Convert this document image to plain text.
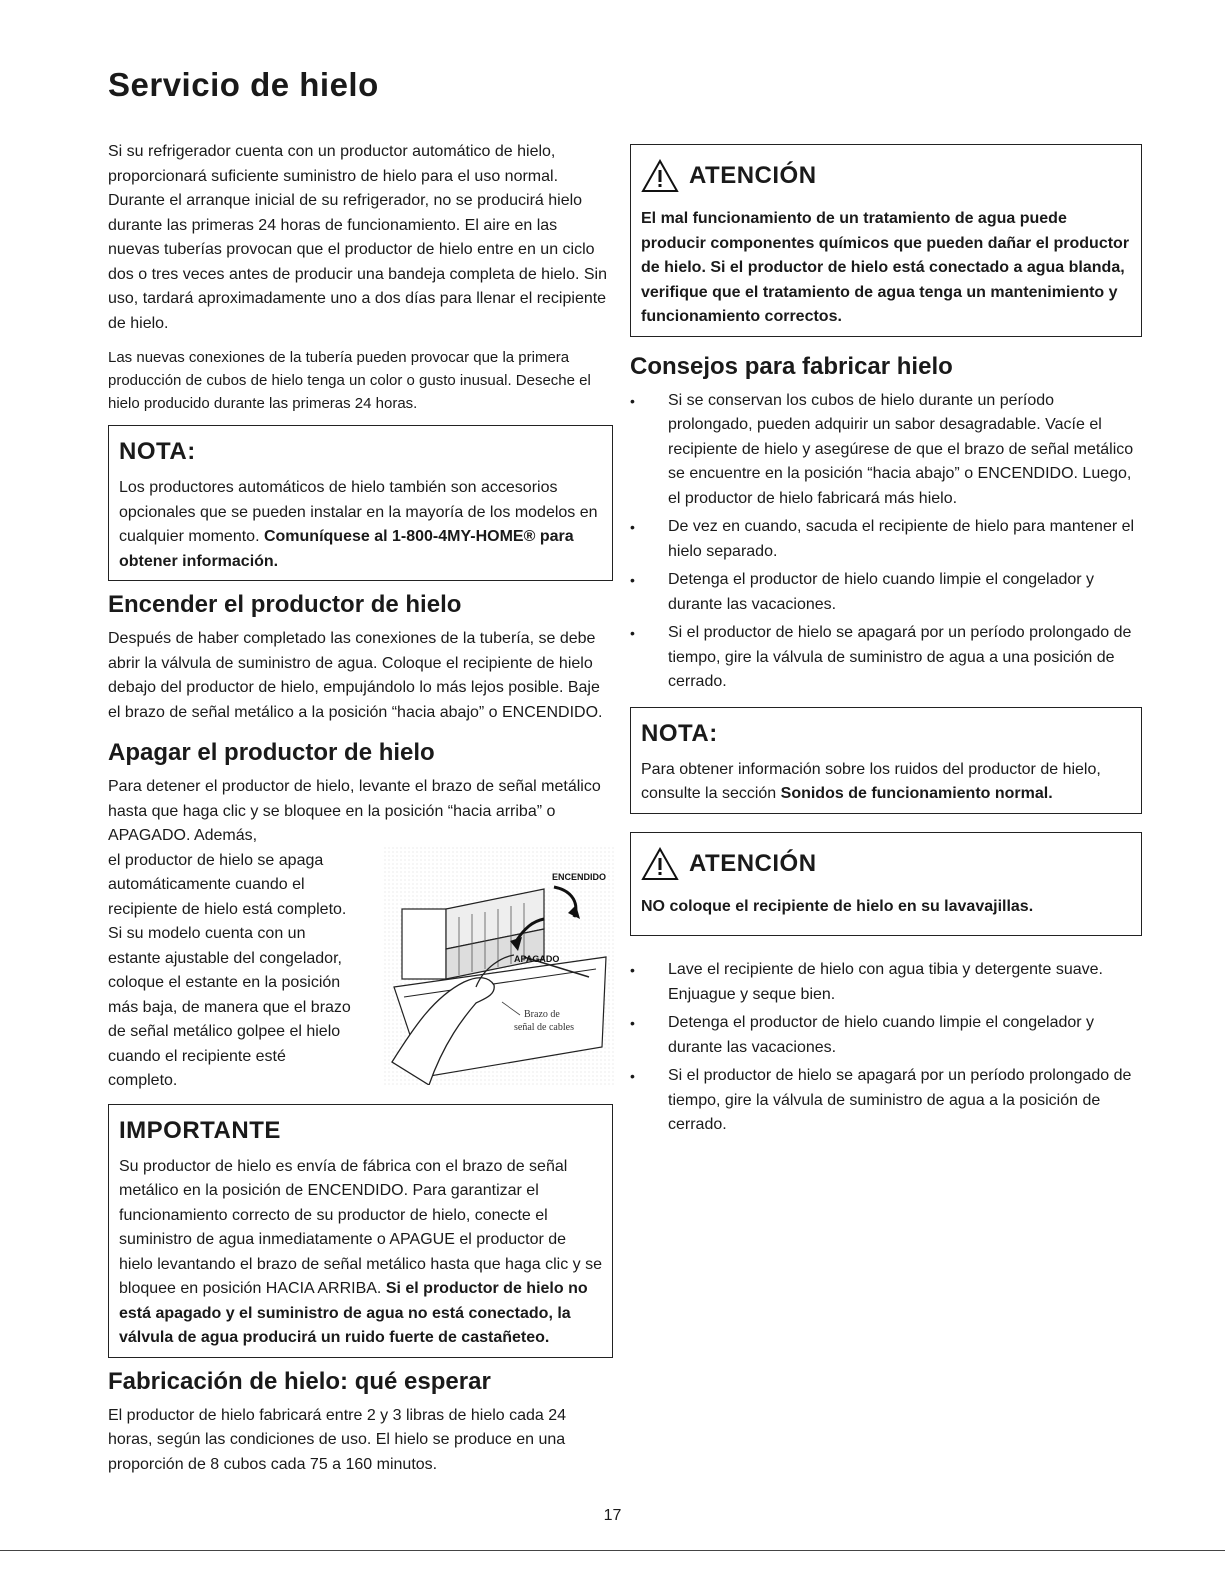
Servicio de hielo

Si su refrigerador cuenta con un productor automático de hielo, proporcionará suficiente suministro de hielo para el uso normal. Durante el arranque inicial de su refrigerador, no se producirá hielo durante las primeras 24 horas de funcionamiento. El aire en las nuevas tuberías provocan que el productor de hielo entre en un ciclo dos o tres veces antes de producir una bandeja completa de hielo. Sin uso, tardará aproximadamente uno a dos días para llenar el recipiente de hielo.

Las nuevas conexiones de la tubería pueden provocar que la primera producción de cubos de hielo tenga un color o gusto inusual. Deseche el hielo producido durante las primeras 24 horas.

NOTA:

Los productores automáticos de hielo también son accesorios opcionales que se pueden instalar en la mayoría de los modelos en cualquier momento. Comuníquese al 1-800-4MY-HOME® para obtener información.

Encender el productor de hielo

Después de haber completado las conexiones de la tubería, se debe abrir la válvula de suministro de agua. Coloque el recipiente de hielo debajo del productor de hielo, empujándolo lo más lejos posible. Baje el brazo de señal metálico a la posición “hacia abajo” o ENCENDIDO.

Apagar el productor de hielo

Para detener el productor de hielo, levante el brazo de señal metálico hasta que haga clic y se bloquee en la posición “hacia arriba” o APAGADO. Además,

el productor de hielo se apaga automáticamente cuando el recipiente de hielo está completo. Si su modelo cuenta con un estante ajustable del congelador, coloque el estante en la posición más baja, de manera que el brazo de señal metálico golpee el hielo cuando el recipiente esté completo.

ENCENDIDO
APAGADO
Brazo de
señal de cables
IMPORTANTE

Su productor de hielo es envía de fábrica con el brazo de señal metálico en la posición de ENCENDIDO. Para garantizar el funcionamiento correcto de su productor de hielo, conecte el suministro de agua inmediatamente o APAGUE el productor de hielo levantando el brazo de señal metálico hasta que haga clic y se bloquee en posición HACIA ARRIBA. Si el productor de hielo no está apagado y el suministro de agua no está conectado, la válvula de agua producirá un ruido fuerte de castañeteo.

Fabricación de hielo: qué esperar

El productor de hielo fabricará entre 2 y 3 libras de hielo cada 24 horas, según las condiciones de uso. El hielo se produce en una proporción de 8 cubos cada 75 a 160 minutos.

ATENCIÓN

El mal funcionamiento de un tratamiento de agua puede producir componentes químicos que pueden dañar el productor de hielo. Si el productor de hielo está conectado a agua blanda, verifique que el tratamiento de agua tenga un mantenimiento y funcionamiento correctos.

Consejos para fabricar hielo
• Si se conservan los cubos de hielo durante un período prolongado, pueden adquirir un sabor desagradable. Vacíe el recipiente de hielo y asegúrese de que el brazo de señal metálico se encuentre en la posición “hacia abajo” o ENCENDIDO. Luego, el productor de hielo fabricará más hielo.
• De vez en cuando, sacuda el recipiente de hielo para mantener el hielo separado.
• Detenga el productor de hielo cuando limpie el congelador y durante las vacaciones.
• Si el productor de hielo se apagará por un período prolongado de tiempo, gire la válvula de suministro de agua a una posición de cerrado.
NOTA:

Para obtener información sobre los ruidos del productor de hielo, consulte la sección Sonidos de funcionamiento normal.

ATENCIÓN

NO coloque el recipiente de hielo en su lavavajillas.

• Lave el recipiente de hielo con agua tibia y detergente suave. Enjuague y seque bien.
• Detenga el productor de hielo cuando limpie el congelador y durante las vacaciones.
• Si el productor de hielo se apagará por un período prolongado de tiempo, gire la válvula de suministro de agua a la posición de cerrado.
17
